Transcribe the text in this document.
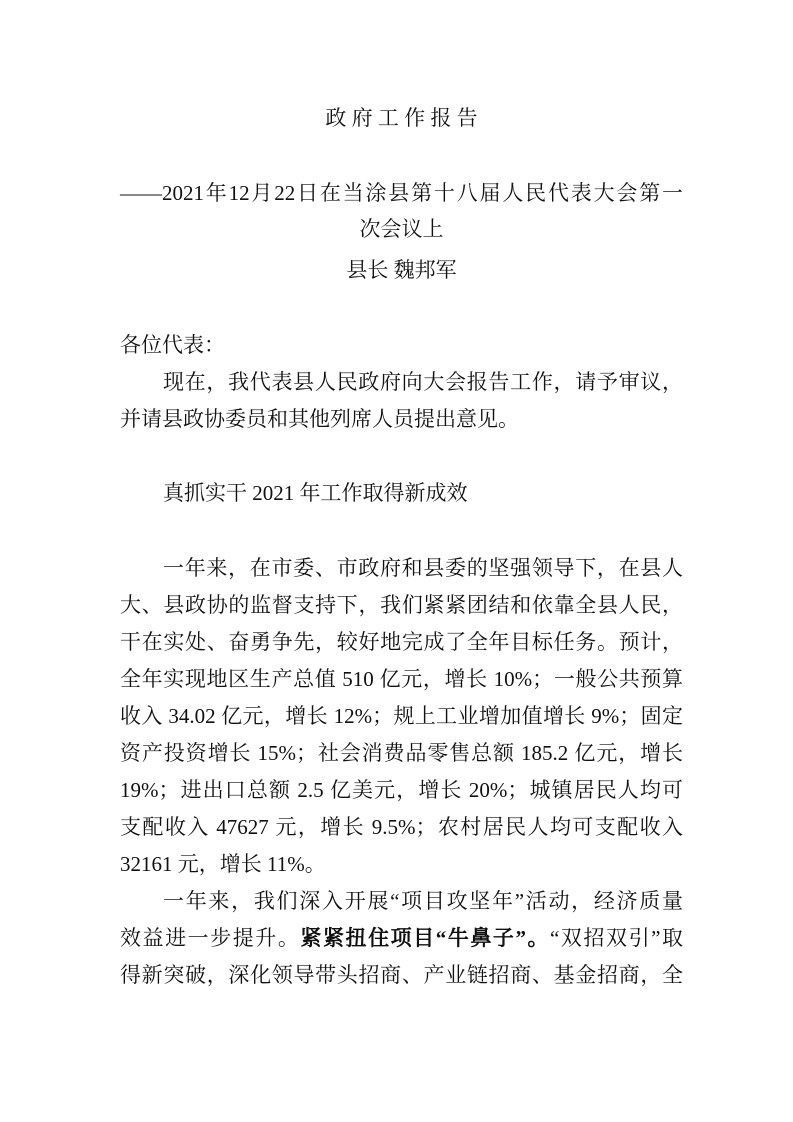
政 府 工 作 报 告
——2021年12月22日在当涂县第十八届人民代表大会第一
次会议上
县长 魏邦军
各位代表：
现在，我代表县人民政府向大会报告工作，请予审议，
并请县政协委员和其他列席人员提出意见。
真抓实干 2021 年工作取得新成效
一年来，在市委、市政府和县委的坚强领导下，在县人
大、县政协的监督支持下，我们紧紧团结和依靠全县人民，
干在实处、奋勇争先，较好地完成了全年目标任务。预计，
全年实现地区生产总值 510 亿元，增长 10%；一般公共预算
收入 34.02 亿元，增长 12%；规上工业增加值增长 9%；固定
资产投资增长 15%；社会消费品零售总额 185.2 亿元，增长
19%；进出口总额 2.5 亿美元，增长 20%；城镇居民人均可
支配收入 47627 元，增长 9.5%；农村居民人均可支配收入
32161 元，增长 11%。
一年来，我们深入开展“项目攻坚年”活动，经济质量
效益进一步提升。紧紧扭住项目“牛鼻子”。“双招双引”取
得新突破，深化领导带头招商、产业链招商、基金招商，全
